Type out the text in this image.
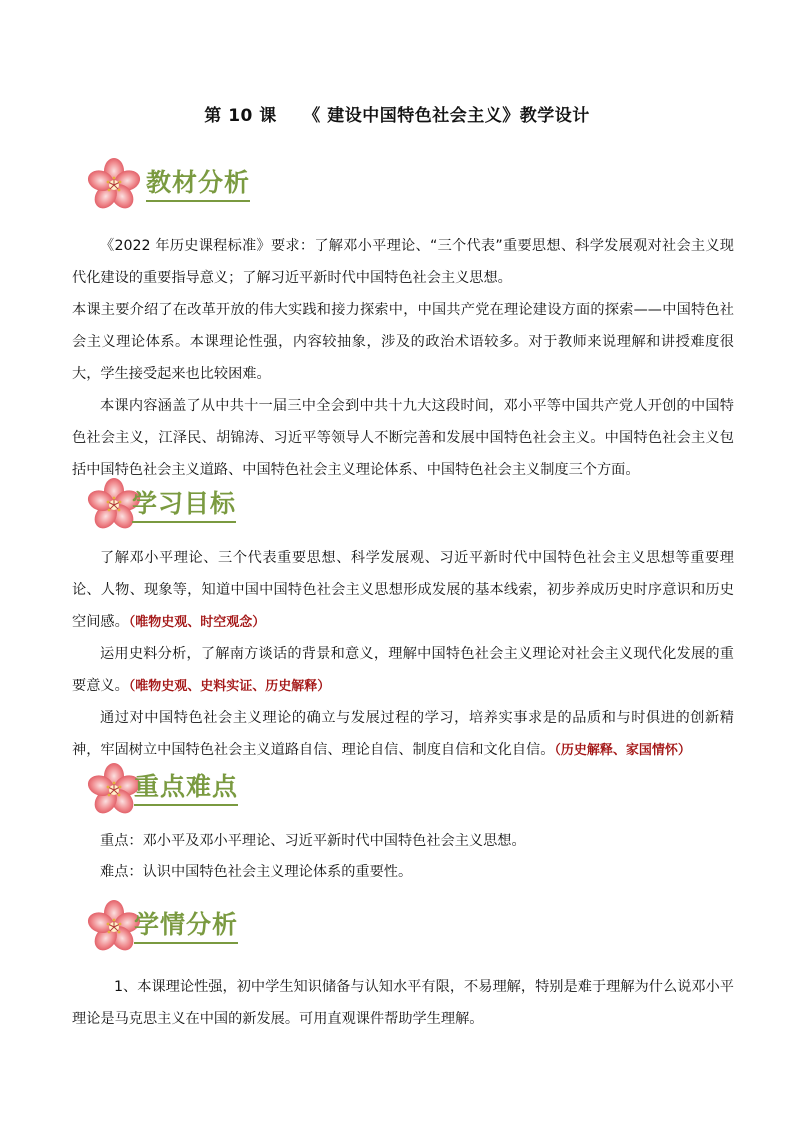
第 10 课　　《 建设中国特色社会主义》教学设计
教材分析

《2022 年历史课程标准》要求：了解邓小平理论、“三个代表”重要思想、科学发展观对社会主义现代化建设的重要指导意义；了解习近平新时代中国特色社会主义思想。

本课主要介绍了在改革开放的伟大实践和接力探索中，中国共产党在理论建设方面的探索——中国特色社会主义理论体系。本课理论性强，内容较抽象，涉及的政治术语较多。对于教师来说理解和讲授难度很大，学生接受起来也比较困难。

本课内容涵盖了从中共十一届三中全会到中共十九大这段时间，邓小平等中国共产党人开创的中国特色社会主义，江泽民、胡锦涛、习近平等领导人不断完善和发展中国特色社会主义。中国特色社会主义包括中国特色社会主义道路、中国特色社会主义理论体系、中国特色社会主义制度三个方面。

学习目标

了解邓小平理论、三个代表重要思想、科学发展观、习近平新时代中国特色社会主义思想等重要理论、人物、现象等，知道中国中国特色社会主义思想形成发展的基本线索，初步养成历史时序意识和历史空间感。（唯物史观、时空观念）

运用史料分析，了解南方谈话的背景和意义，理解中国特色社会主义理论对社会主义现代化发展的重要意义。（唯物史观、史料实证、历史解释）

通过对中国特色社会主义理论的确立与发展过程的学习，培养实事求是的品质和与时俱进的创新精神，牢固树立中国特色社会主义道路自信、理论自信、制度自信和文化自信。（历史解释、家国情怀）

重点难点

重点：邓小平及邓小平理论、习近平新时代中国特色社会主义思想。

难点：认识中国特色社会主义理论体系的重要性。

学情分析

1、本课理论性强，初中学生知识储备与认知水平有限，不易理解，特别是难于理解为什么说邓小平理论是马克思主义在中国的新发展。可用直观课件帮助学生理解。
